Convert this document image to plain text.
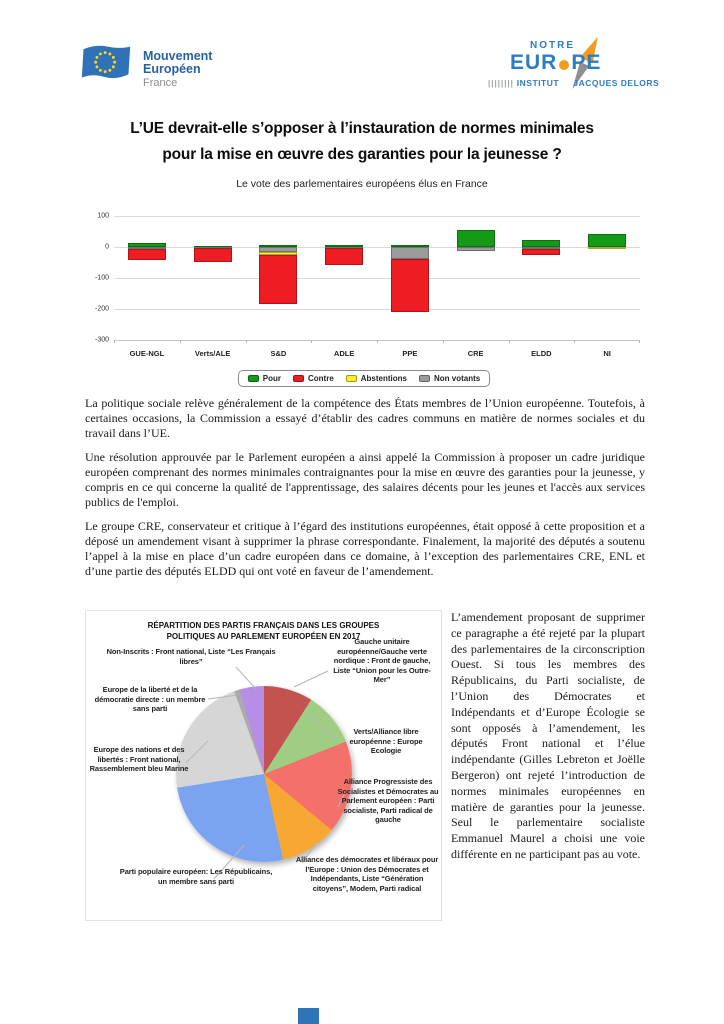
Mouvement
Européen
France
NOTRE
EUR PE
|||||||| INSTITUT JACQUES DELORS
L’UE devrait-elle s’opposer à l’instauration de normes minimales
pour la mise en œuvre des garanties pour la jeunesse ?
Le vote des parlementaires européens élus en France
100
0
-100
-200
-300
GUE-NGL	Verts/ALE	S&D	ADLE	PPE	CRE	ELDD	NI
Pour	Contre	Abstentions	Non votants

La politique sociale relève généralement de la compétence des États membres de l’Union européenne. Toutefois, à certaines occasions, la Commission a essayé d’établir des cadres communs en matière de normes sociales et du travail dans l’UE.

Une résolution approuvée par le Parlement européen a ainsi appelé la Commission à proposer un cadre juridique européen comprenant des normes minimales contraignantes pour la mise en œuvre des garanties pour la jeunesse, y compris en ce qui concerne la qualité de l'apprentissage, des salaires décents pour les jeunes et l'accès aux services publics de l'emploi.

Le groupe CRE, conservateur et critique à l’égard des institutions européennes, était opposé à cette proposition et a déposé un amendement visant à supprimer la phrase correspondante. Finalement, la majorité des députés a soutenu l’appel à la mise en place d’un cadre européen dans ce domaine, à l’exception des parlementaires CRE, ENL et d’une partie des députés ELDD qui ont voté en faveur de l’amendement.

RÉPARTITION DES PARTIS FRANÇAIS DANS LES GROUPES POLITIQUES AU PARLEMENT EUROPÉEN EN 2017
Non-Inscrits : Front national, Liste “Les Français libres”
Europe de la liberté et de la démocratie directe : un membre sans parti
Europe des nations et des libertés : Front national, Rassemblement bleu Marine
Parti populaire européen: Les Républicains, un membre sans parti
Gauche unitaire européenne/Gauche verte nordique : Front de gauche, Liste “Union pour les Outre-Mer”
Verts/Alliance libre européenne : Europe Ecologie
Alliance Progressiste des Socialistes et Démocrates au Parlement européen : Parti socialiste, Parti radical de gauche
Alliance des démocrates et libéraux pour l’Europe : Union des Démocrates et Indépendants, Liste “Génération citoyens”, Modem, Parti radical
L’amendement proposant de supprimer ce paragraphe a été rejeté par la plupart des parlementaires de la circonscription Ouest. Si tous les membres des Républicains, du Parti socialiste, de l’Union des Démocrates et Indépendants et d’Europe Écologie se sont opposés à l’amendement, les députés Front national et l’élue indépendante (Gilles Lebreton et Joëlle Bergeron) ont rejeté l’introduction de normes minimales européennes en matière de garanties pour la jeunesse. Seul le parlementaire socialiste Emmanuel Maurel a choisi une voie différente en ne participant pas au vote.
